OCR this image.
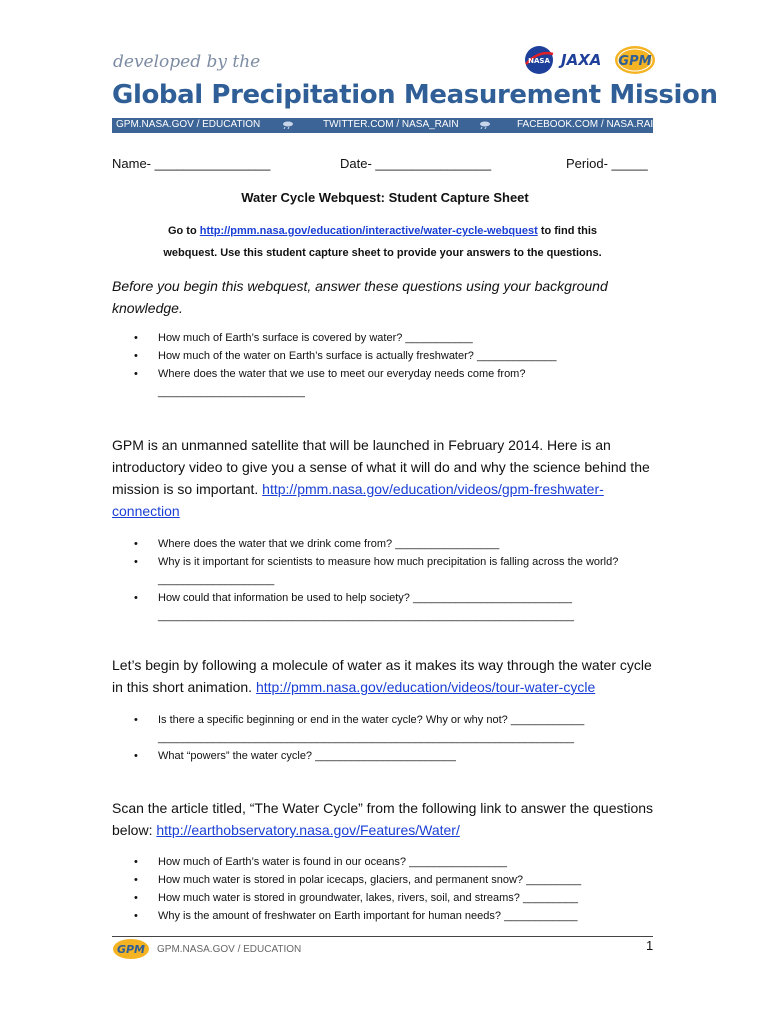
developed by the	NASA JAXA GPM
Global Precipitation Measurement Mission
GPM.NASA.GOV / EDUCATION	TWITTER.COM / NASA_RAIN	FACEBOOK.COM / NASA.RAIN
Name- ________________	Date- ________________	Period- _____
Water Cycle Webquest: Student Capture Sheet
Go to http://pmm.nasa.gov/education/interactive/water-cycle-webquest to find this
webquest. Use this student capture sheet to provide your answers to the questions.
Before you begin this webquest, answer these questions using your background knowledge.
• How much of Earth’s surface is covered by water? ___________
• How much of the water on Earth’s surface is actually freshwater? _____________
• Where does the water that we use to meet our everyday needs come from? ________________________
GPM is an unmanned satellite that will be launched in February 2014. Here is an introductory video to give you a sense of what it will do and why the science behind the mission is so important. http://pmm.nasa.gov/education/videos/gpm-freshwater-connection
• Where does the water that we drink come from? _________________
• Why is it important for scientists to measure how much precipitation is falling across the world? ___________________
• How could that information be used to help society? __________________________ ____________________________________________________________________
Let’s begin by following a molecule of water as it makes its way through the water cycle in this short animation. http://pmm.nasa.gov/education/videos/tour-water-cycle
• Is there a specific beginning or end in the water cycle? Why or why not? ____________ ____________________________________________________________________
• What “powers” the water cycle? _______________________
Scan the article titled, “The Water Cycle” from the following link to answer the questions below: http://earthobservatory.nasa.gov/Features/Water/
• How much of Earth’s water is found in our oceans? ________________
• How much water is stored in polar icecaps, glaciers, and permanent snow? _________
• How much water is stored in groundwater, lakes, rivers, soil, and streams? _________
• Why is the amount of freshwater on Earth important for human needs? ____________
GPM GPM.NASA.GOV / EDUCATION	1
